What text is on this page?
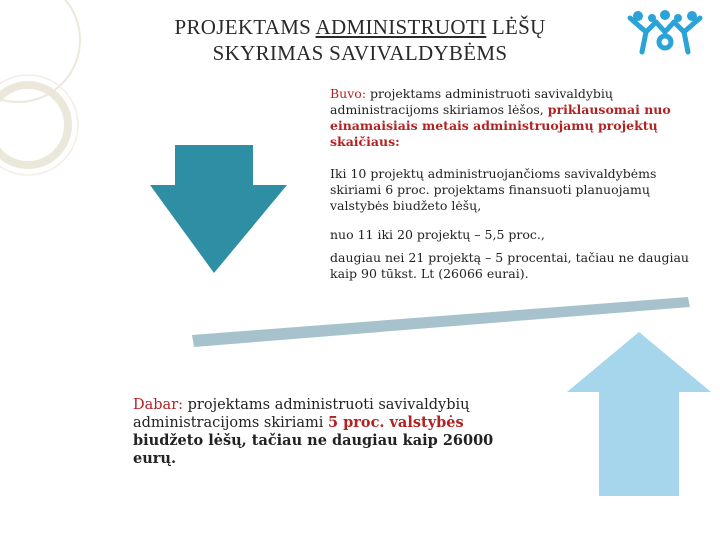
PROJEKTAMS ADMINISTRUOTI LĖŠŲ
SKYRIMAS SAVIVALDYBĖMS
Buvo: projektams administruoti savivaldybių administracijoms skiriamos lėšos, priklausomai nuo einamaisiais metais administruojamų projektų skaičiaus:
Iki 10 projektų administruojančioms savivaldybėms skiriami 6 proc. projektams finansuoti planuojamų valstybės biudžeto lėšų,
nuo 11 iki 20 projektų – 5,5 proc.,
daugiau nei 21 projektą – 5 procentai, tačiau ne daugiau kaip 90 tūkst. Lt (26066 eurai).
Dabar: projektams administruoti savivaldybių administracijoms skiriami 5 proc. valstybės biudžeto lėšų, tačiau ne daugiau kaip 26000 eurų.
